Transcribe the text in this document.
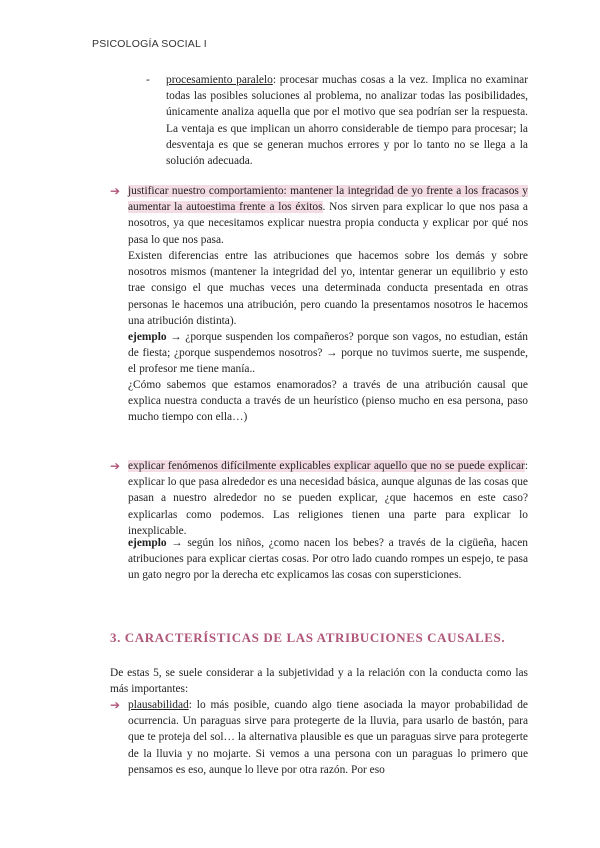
PSICOLOGÍA SOCIAL I
- procesamiento paralelo: procesar muchas cosas a la vez. Implica no examinar todas las posibles soluciones al problema, no analizar todas las posibilidades, únicamente analiza aquella que por el motivo que sea podrían ser la respuesta. La ventaja es que implican un ahorro considerable de tiempo para procesar; la desventaja es que se generan muchos errores y por lo tanto no se llega a la solución adecuada.
➔ justificar nuestro comportamiento: mantener la integridad de yo frente a los fracasos y aumentar la autoestima frente a los éxitos. Nos sirven para explicar lo que nos pasa a nosotros, ya que necesitamos explicar nuestra propia conducta y explicar por qué nos pasa lo que nos pasa.
Existen diferencias entre las atribuciones que hacemos sobre los demás y sobre nosotros mismos (mantener la integridad del yo, intentar generar un equilibrio y esto trae consigo el que muchas veces una determinada conducta presentada en otras personas le hacemos una atribución, pero cuando la presentamos nosotros le hacemos una atribución distinta).
ejemplo → ¿porque suspenden los compañeros? porque son vagos, no estudian, están de fiesta; ¿porque suspendemos nosotros? → porque no tuvimos suerte, me suspende, el profesor me tiene manía..
¿Cómo sabemos que estamos enamorados? a través de una atribución causal que explica nuestra conducta a través de un heurístico (pienso mucho en esa persona, paso mucho tiempo con ella…)
➔ explicar fenómenos difícilmente explicables explicar aquello que no se puede explicar: explicar lo que pasa alrededor es una necesidad básica, aunque algunas de las cosas que pasan a nuestro alrededor no se pueden explicar, ¿que hacemos en este caso? explicarlas como podemos. Las religiones tienen una parte para explicar lo inexplicable.
ejemplo → según los niños, ¿como nacen los bebes? a través de la cigüeña, hacen atribuciones para explicar ciertas cosas. Por otro lado cuando rompes un espejo, te pasa un gato negro por la derecha etc explicamos las cosas con supersticiones.
3. CARACTERÍSTICAS DE LAS ATRIBUCIONES CAUSALES.
De estas 5, se suele considerar a la subjetividad y a la relación con la conducta como las más importantes:
➔ plausabilidad: lo más posible, cuando algo tiene asociada la mayor probabilidad de ocurrencia. Un paraguas sirve para protegerte de la lluvia, para usarlo de bastón, para que te proteja del sol… la alternativa plausible es que un paraguas sirve para protegerte de la lluvia y no mojarte. Si vemos a una persona con un paraguas lo primero que pensamos es eso, aunque lo lleve por otra razón. Por eso
